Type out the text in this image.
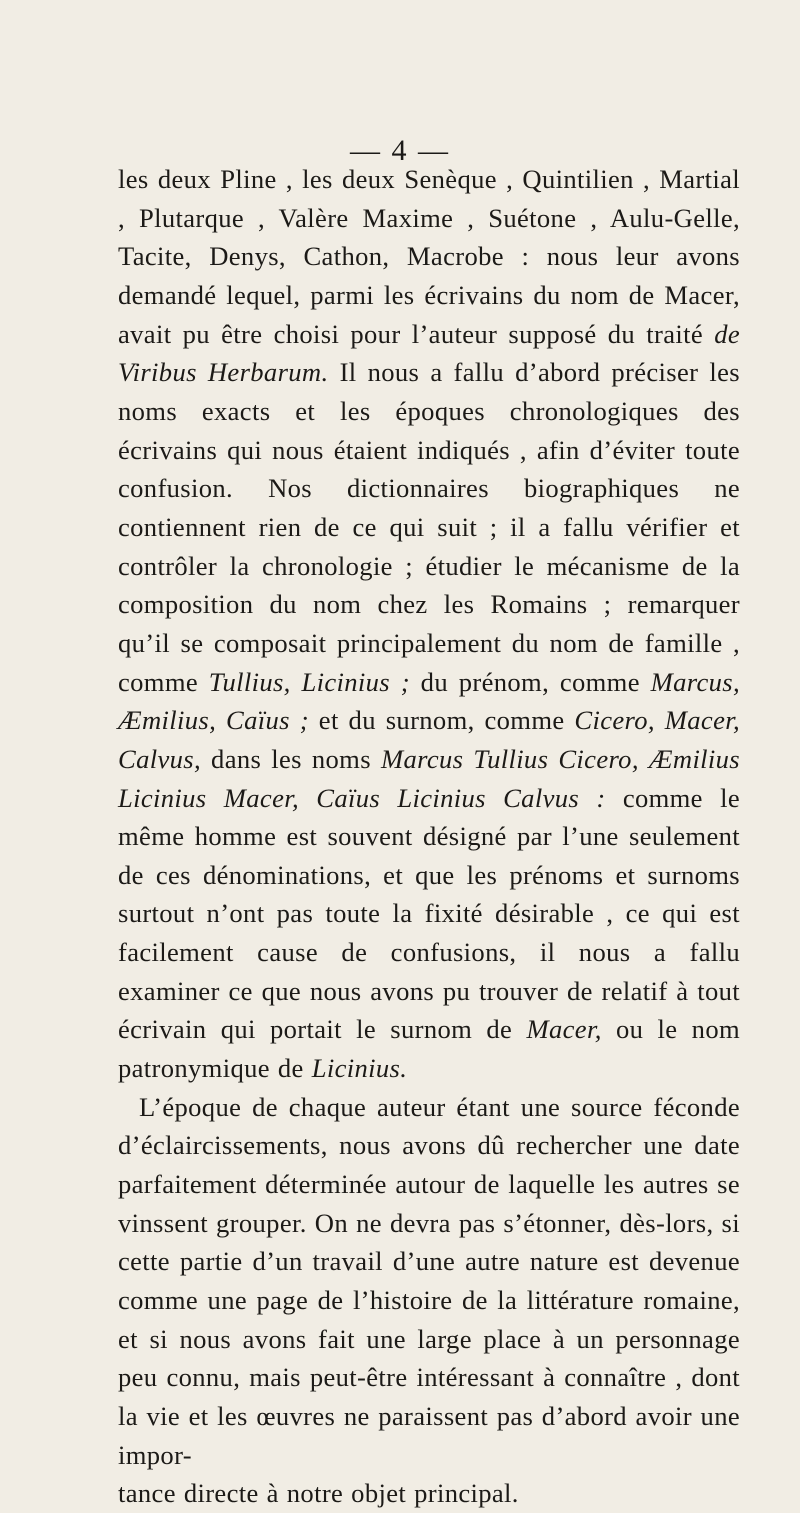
— 4 —

les deux Pline , les deux Senèque , Quintilien , Martial , Plutarque , Valère Maxime , Suétone , Aulu-Gelle, Tacite, Denys, Cathon, Macrobe : nous leur avons demandé lequel, parmi les écrivains du nom de Macer, avait pu être choisi pour l’auteur supposé du traité de Viribus Herbarum. Il nous a fallu d’abord préciser les noms exacts et les époques chronologiques des écrivains qui nous étaient indiqués , afin d’éviter toute confusion. Nos dictionnaires biographiques ne contiennent rien de ce qui suit ; il a fallu vérifier et contrôler la chronologie ; étudier le mécanisme de la composition du nom chez les Romains ; remarquer qu’il se composait principalement du nom de famille , comme Tullius, Licinius ; du prénom, comme Marcus, Æmilius, Caïus ; et du surnom, comme Cicero, Macer, Calvus, dans les noms Marcus Tullius Cicero, Æmilius Licinius Macer, Caïus Licinius Calvus : comme le même homme est souvent désigné par l’une seulement de ces dénominations, et que les prénoms et surnoms surtout n’ont pas toute la fixité désirable , ce qui est facilement cause de confusions, il nous a fallu examiner ce que nous avons pu trouver de relatif à tout écrivain qui portait le surnom de Macer, ou le nom patronymique de Licinius.

L’époque de chaque auteur étant une source féconde d’éclaircissements, nous avons dû rechercher une date parfaitement déterminée autour de laquelle les autres se vinssent grouper. On ne devra pas s’étonner, dès-lors, si cette partie d’un travail d’une autre nature est devenue comme une page de l’histoire de la littérature romaine, et si nous avons fait une large place à un personnage peu connu, mais peut-être intéressant à connaître , dont la vie et les œuvres ne paraissent pas d’abord avoir une impor-
tance directe à notre objet principal.
